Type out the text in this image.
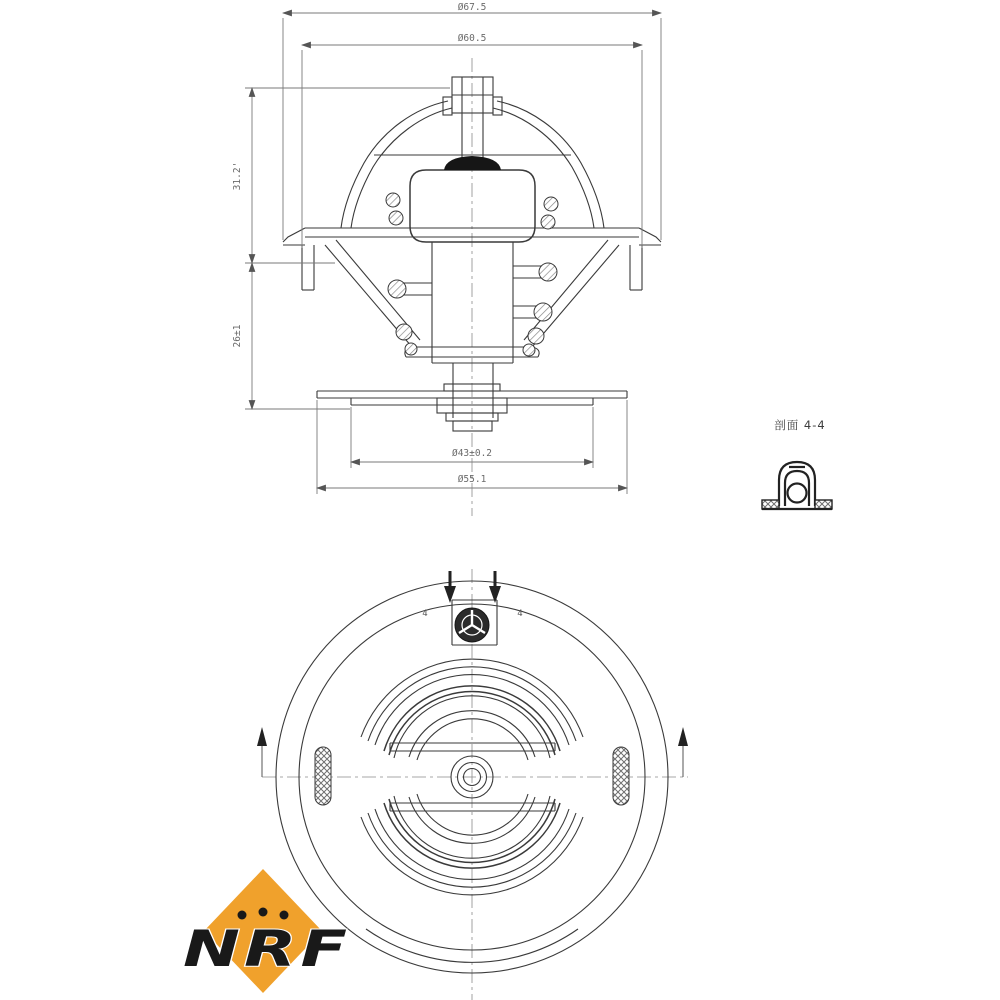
Ø67.5
Ø60.5
31.2'
26±1
Ø43±0.2
Ø55.1
剖面 4-4
4	4
NRF
